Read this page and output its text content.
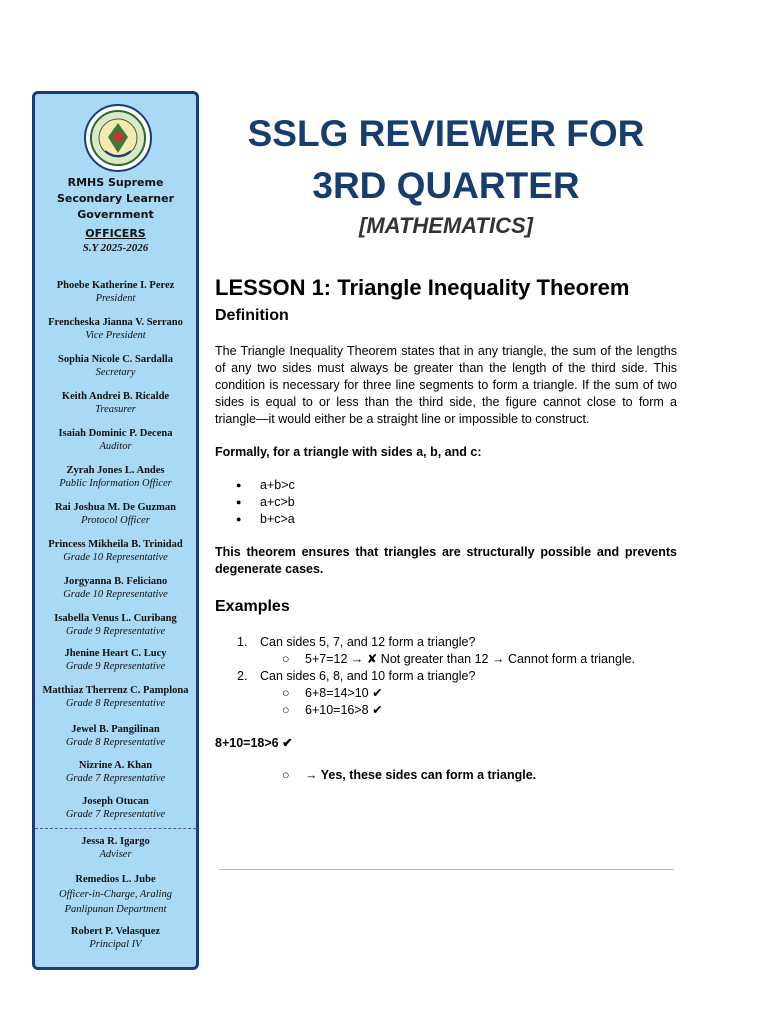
RMHS Supreme
Secondary Learner
Government
OFFICERS
S.Y 2025-2026
Phoebe Katherine I. Perez
President
Frencheska Jianna V. Serrano
Vice President
Sophia Nicole C. Sardalla
Secretary
Keith Andrei B. Ricalde
Treasurer
Isaiah Dominic P. Decena
Auditor
Zyrah Jones L. Andes
Public Information Officer
Rai Joshua M. De Guzman
Protocol Officer
Princess Mikheila B. Trinidad
Grade 10 Representative
Jorgyanna B. Feliciano
Grade 10 Representative
Isabella Venus L. Curibang
Grade 9 Representative
Jhenine Heart C. Lucy
Grade 9 Representative
Matthiaz Therrenz C. Pamplona
Grade 8 Representative
Jewel B. Pangilinan
Grade 8 Representative
Nizrine A. Khan
Grade 7 Representative
Joseph Otucan
Grade 7 Representative
Jessa R. Igargo
Adviser
Remedios L. Jube
Officer-in-Charge, Araling
Panlipunan Department
Robert P. Velasquez
Principal IV
SSLG REVIEWER FOR
3RD QUARTER
[MATHEMATICS]
LESSON 1: Triangle Inequality Theorem
Definition

The Triangle Inequality Theorem states that in any triangle, the sum of the lengths of any two sides must always be greater than the length of the third side. This condition is necessary for three line segments to form a triangle. If the sum of two sides is equal to or less than the third side, the figure cannot close to form a triangle—it would either be a straight line or impossible to construct.

Formally, for a triangle with sides a, b, and c:

● a+b>c
● a+c>b
● b+c>a

This theorem ensures that triangles are structurally possible and prevents degenerate cases.

Examples
1. Can sides 5, 7, and 12 form a triangle?
○ 5+7=12 → ✘ Not greater than 12 → Cannot form a triangle.
2. Can sides 6, 8, and 10 form a triangle?
○ 6+8=14>10 ✔
○ 6+10=16>8 ✔

8+10=18>6 ✔

○ → Yes, these sides can form a triangle.
